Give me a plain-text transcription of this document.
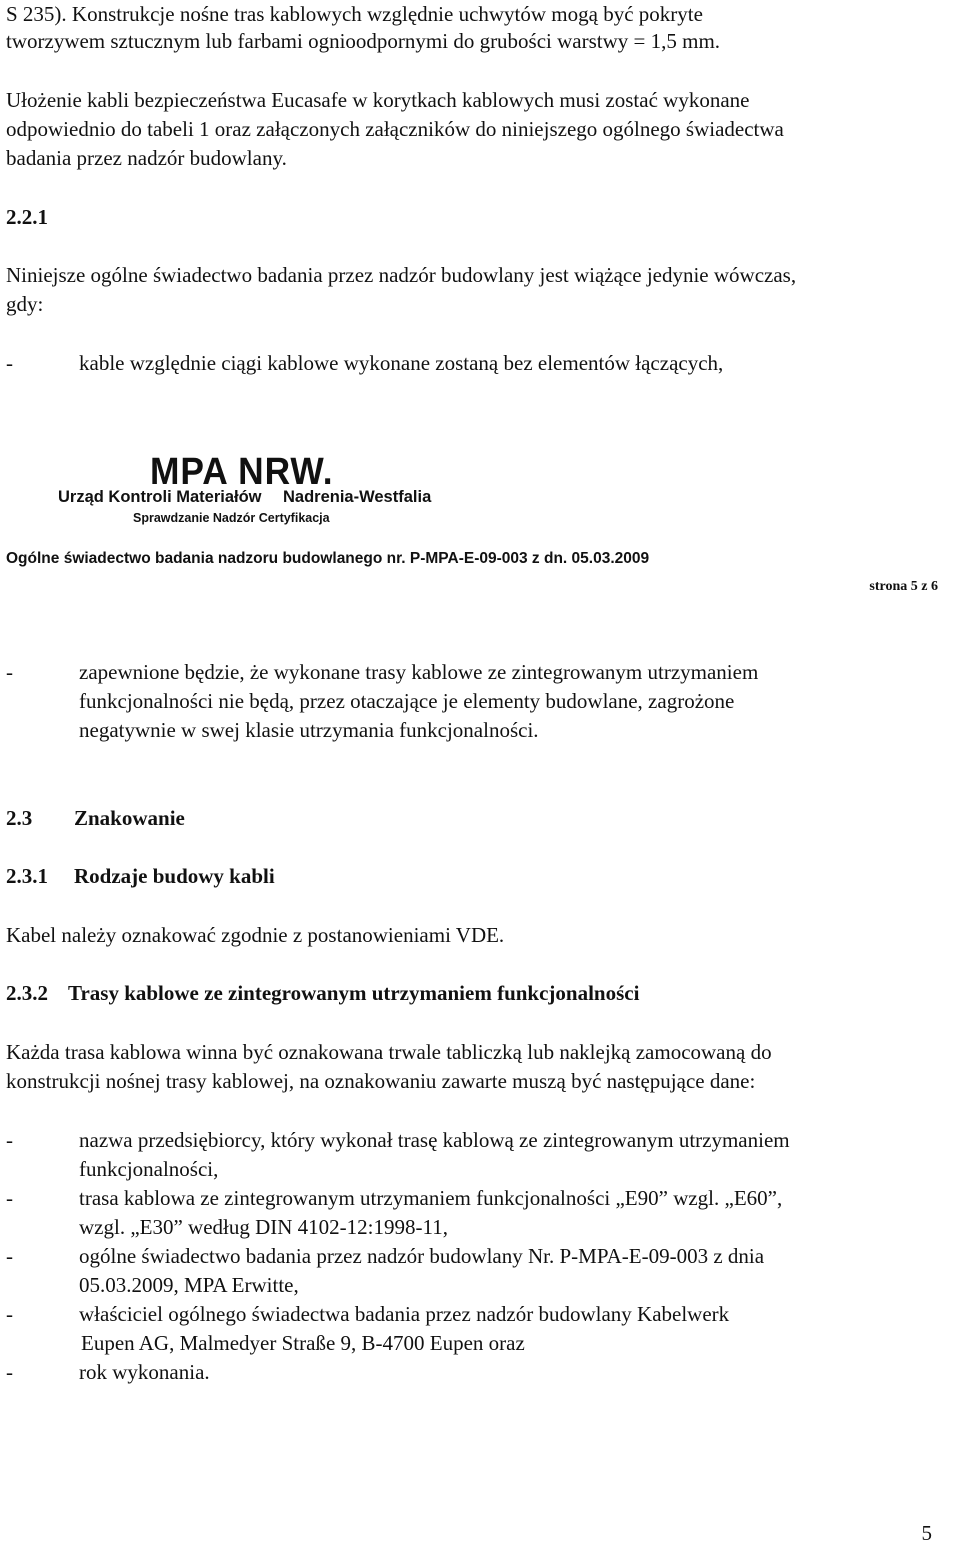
S 235). Konstrukcje nośne tras kablowych względnie uchwytów mogą być pokryte
tworzywem sztucznym lub farbami ognioodpornymi do grubości warstwy = 1,5 mm.
Ułożenie kabli bezpieczeństwa Eucasafe w korytkach kablowych musi zostać wykonane
odpowiednio do tabeli 1 oraz załączonych załączników do niniejszego ogólnego świadectwa
badania przez nadzór budowlany.
2.2.1
Niniejsze ogólne świadectwo badania przez nadzór budowlany jest wiążące jedynie wówczas,
gdy:
-	kable względnie ciągi kablowe wykonane zostaną bez elementów łączących,
MPA NRW.
Urząd Kontroli Materiałów Nadrenia-Westfalia
Sprawdzanie Nadzór Certyfikacja
Ogólne świadectwo badania nadzoru budowlanego nr. P-MPA-E-09-003 z dn. 05.03.2009
strona 5 z 6
-	zapewnione będzie, że wykonane trasy kablowe ze zintegrowanym utrzymaniem
funkcjonalności nie będą, przez otaczające je elementy budowlane, zagrożone
negatywnie w swej klasie utrzymania funkcjonalności.
2.3 Znakowanie
2.3.1 Rodzaje budowy kabli
Kabel należy oznakować zgodnie z postanowieniami VDE.
2.3.2 Trasy kablowe ze zintegrowanym utrzymaniem funkcjonalności
Każda trasa kablowa winna być oznakowana trwale tabliczką lub naklejką zamocowaną do
konstrukcji nośnej trasy kablowej, na oznakowaniu zawarte muszą być następujące dane:
-	nazwa przedsiębiorcy, który wykonał trasę kablową ze zintegrowanym utrzymaniem
funkcjonalności,
-	trasa kablowa ze zintegrowanym utrzymaniem funkcjonalności „E90” wzgl. „E60”,
wzgl. „E30” według DIN 4102-12:1998-11,
-	ogólne świadectwo badania przez nadzór budowlany Nr. P-MPA-E-09-003 z dnia
05.03.2009, MPA Erwitte,
-	właściciel ogólnego świadectwa badania przez nadzór budowlany Kabelwerk
Eupen AG, Malmedyer Straße 9, B-4700 Eupen oraz
-	rok wykonania.
5
